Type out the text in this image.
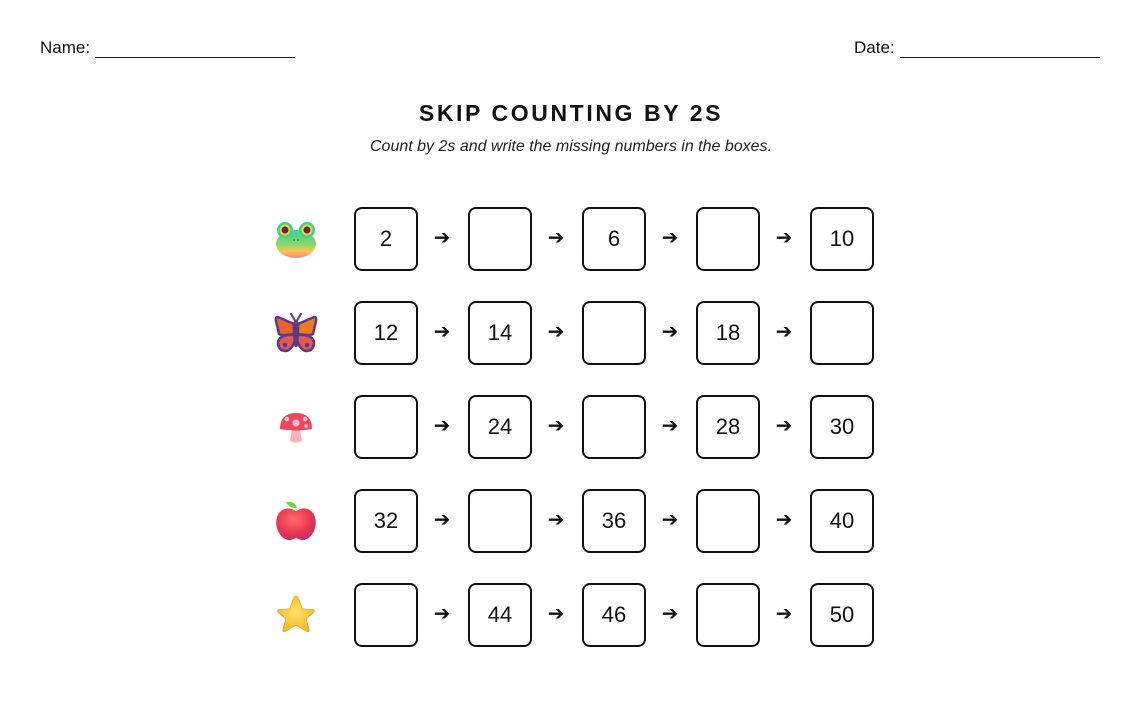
Name:	Date:
SKIP COUNTING BY 2S
Count by 2s and write the missing numbers in the boxes.
2	➔	➔	6	➔	➔	10
12	➔	14	➔	➔	18	➔
➔	24	➔	➔	28	➔	30
32	➔	➔	36	➔	➔	40
➔	44	➔	46	➔	➔	50
